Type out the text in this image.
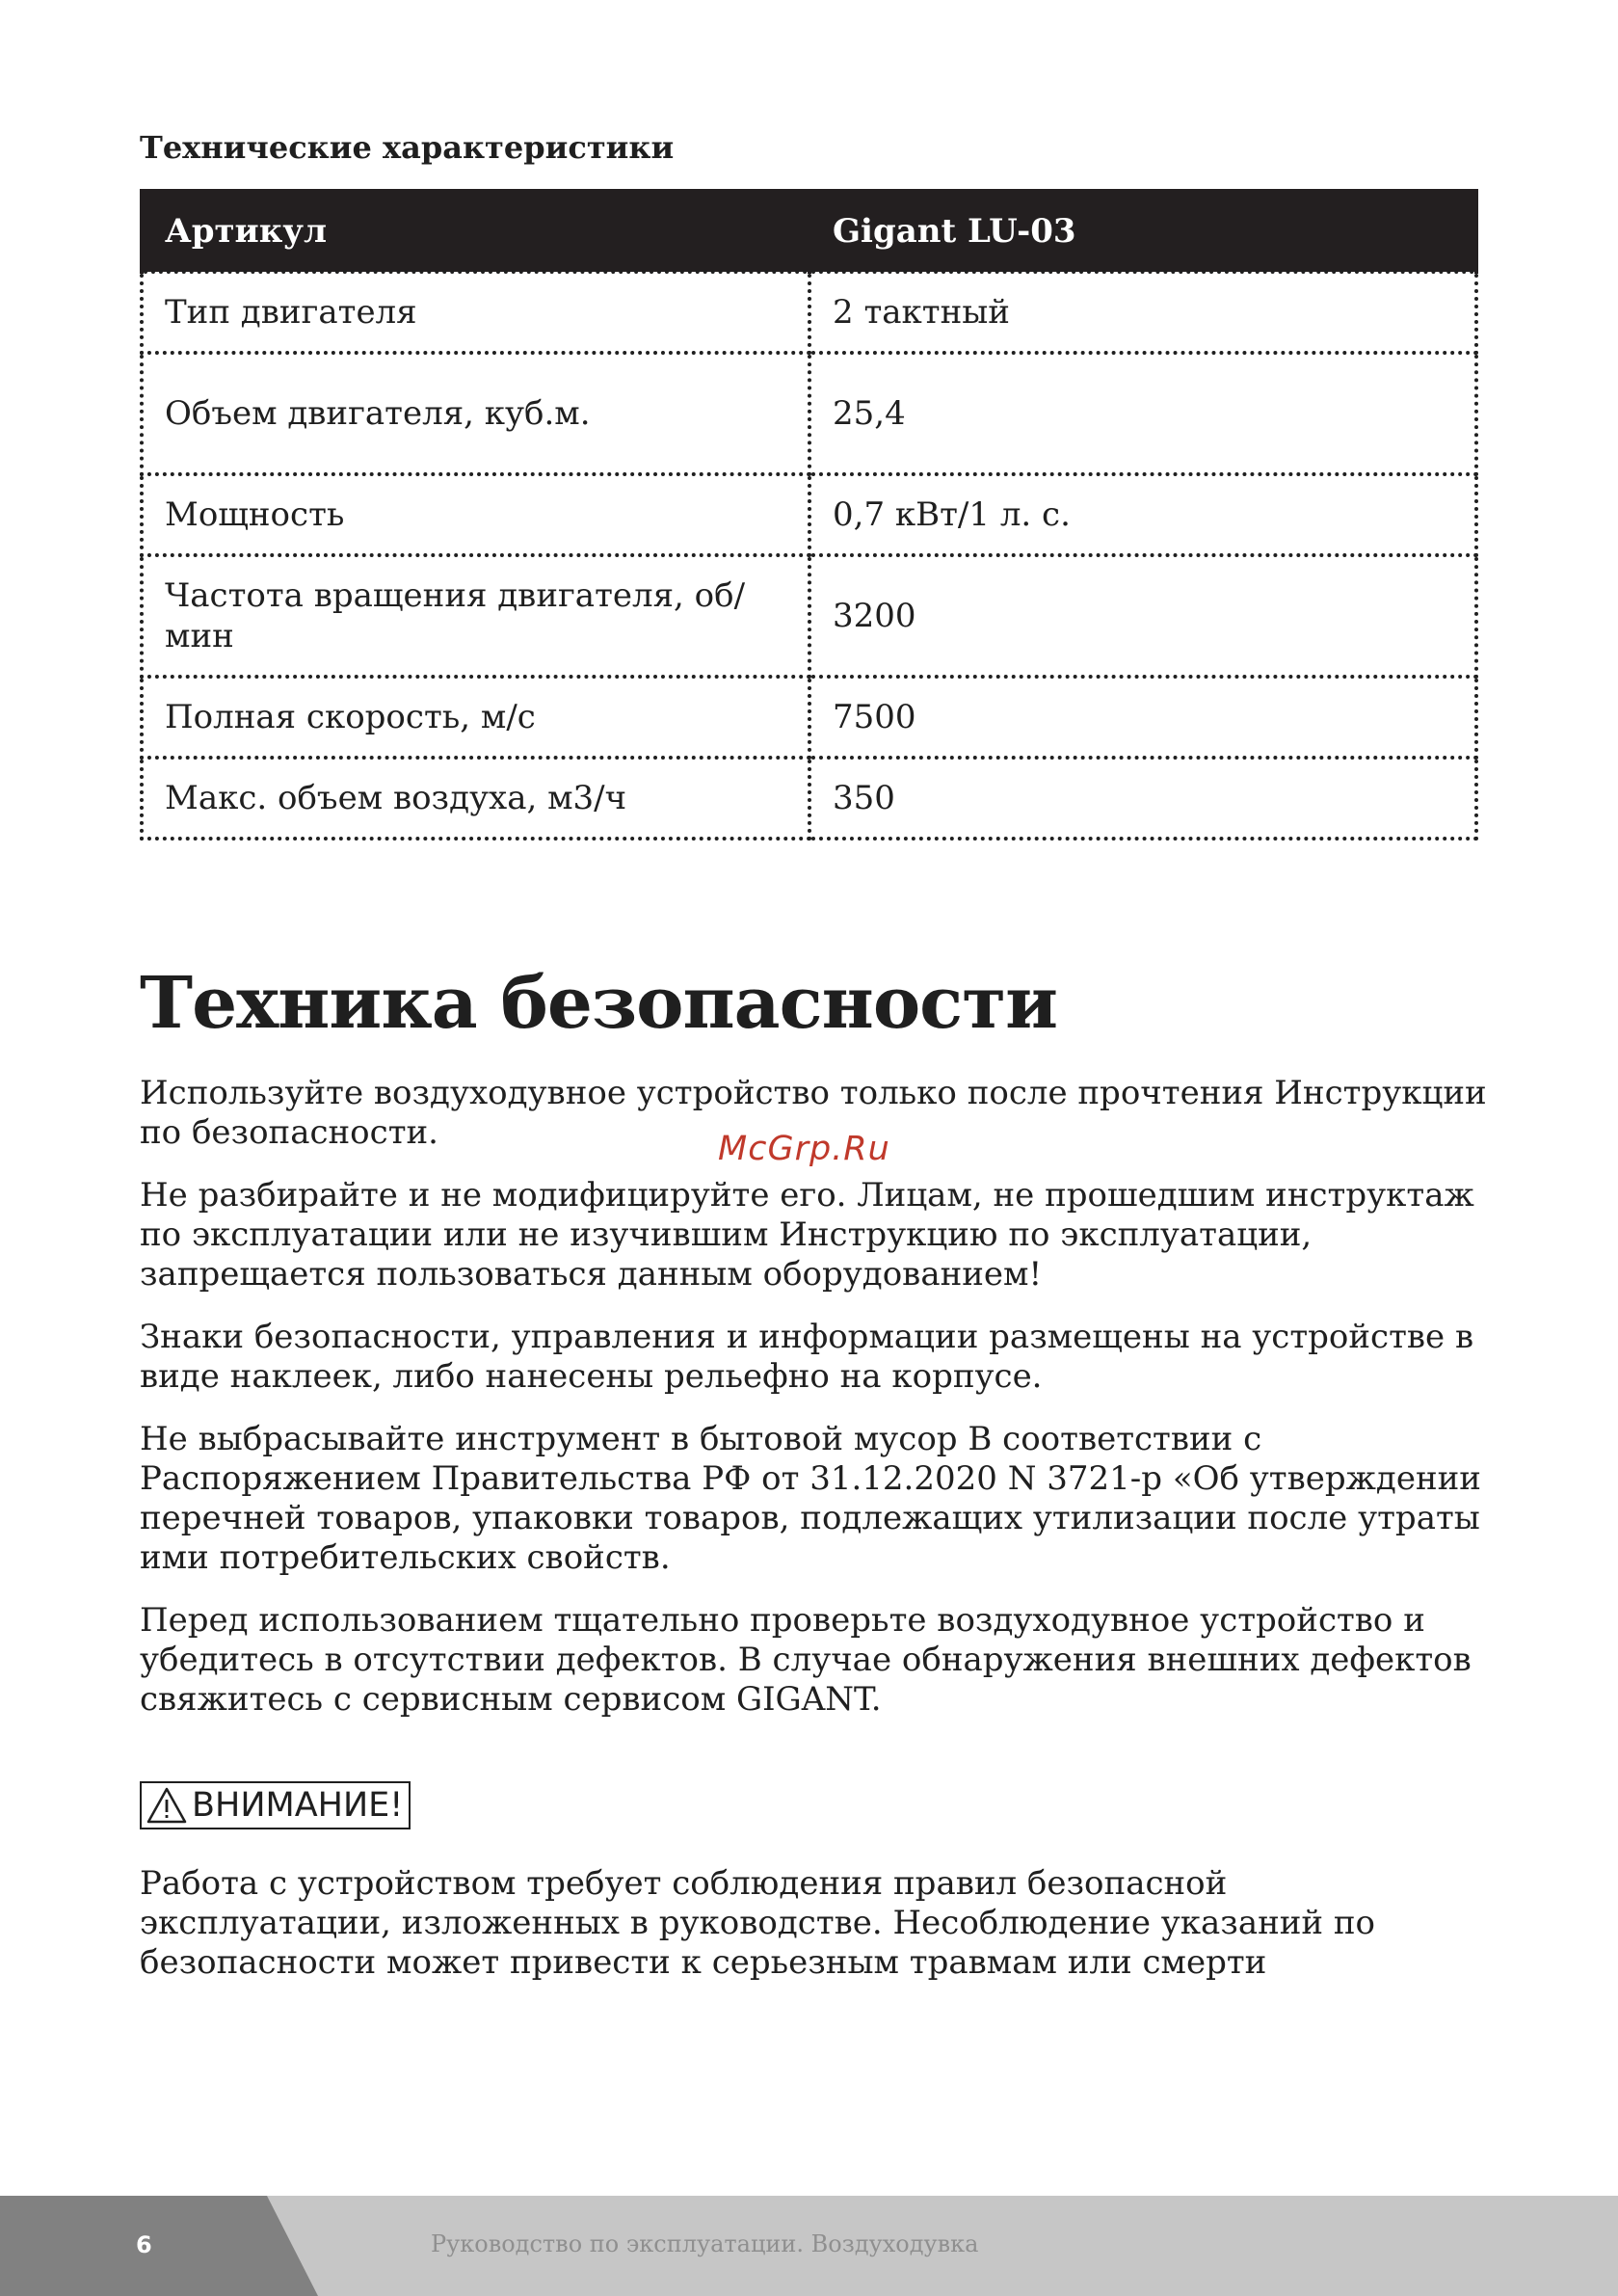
Технические характеристики
Артикул	Gigant LU-03
Тип двигателя	2 тактный
Объем двигателя, куб.м.	25,4
Мощность	0,7 кВт/1 л. с.
Частота вращения двигателя, об/мин	3200
Полная скорость, м/с	7500
Макс. объем воздуха, м3/ч	350
Техника безопасности

Используйте воздуходувное устройство только после прочтения Инструкции по безопасности.	McGrp.Ru

Не разбирайте и не модифицируйте его. Лицам, не прошедшим инструктаж по эксплуатации или не изучившим Инструкцию по эксплуатации, запрещается пользоваться данным оборудованием!

Знаки безопасности, управления и информации размещены на устройстве в виде наклеек, либо нанесены рельефно на корпусе.

Не выбрасывайте инструмент в бытовой мусор В соответствии с Распоряжением Правительства РФ от 31.12.2020 N 3721-р «Об утверждении перечней товаров, упаковки товаров, подлежащих утилизации после утраты ими потребительских свойств.

Перед использованием тщательно проверьте воздуходувное устройство и убедитесь в отсутствии дефектов. В случае обнаружения внешних дефектов свяжитесь с сервисным сервисом GIGANT.

ВНИМАНИЕ!

Работа с устройством требует соблюдения правил безопасной эксплуатации, изложенных в руководстве. Несоблюдение указаний по безопасности может привести к серьезным травмам или смерти

6	Руководство по эксплуатации. Воздуходувка
